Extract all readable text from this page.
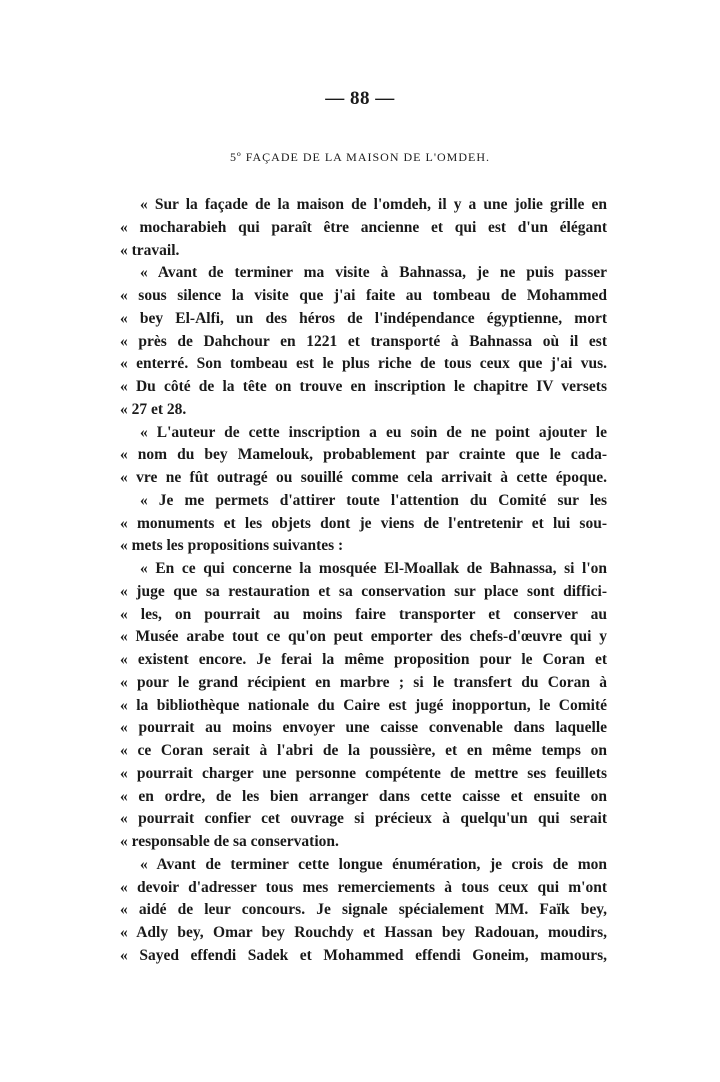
— 88 —
5º FAÇADE DE LA MAISON DE L'OMDEH.
« Sur la façade de la maison de l'omdeh, il y a une jolie grille en
« mocharabieh qui paraît être ancienne et qui est d'un élégant
« travail.
« Avant de terminer ma visite à Bahnassa, je ne puis passer
« sous silence la visite que j'ai faite au tombeau de Mohammed
« bey El-Alfi, un des héros de l'indépendance égyptienne, mort
« près de Dahchour en 1221 et transporté à Bahnassa où il est
« enterré. Son tombeau est le plus riche de tous ceux que j'ai vus.
« Du côté de la tête on trouve en inscription le chapitre IV versets
« 27 et 28.
« L'auteur de cette inscription a eu soin de ne point ajouter le
« nom du bey Mamelouk, probablement par crainte que le cada-
« vre ne fût outragé ou souillé comme cela arrivait à cette époque.
« Je me permets d'attirer toute l'attention du Comité sur les
« monuments et les objets dont je viens de l'entretenir et lui sou-
« mets les propositions suivantes :
« En ce qui concerne la mosquée El-Moallak de Bahnassa, si l'on
« juge que sa restauration et sa conservation sur place sont diffici-
« les, on pourrait au moins faire transporter et conserver au
« Musée arabe tout ce qu'on peut emporter des chefs-d'œuvre qui y
« existent encore. Je ferai la même proposition pour le Coran et
« pour le grand récipient en marbre ; si le transfert du Coran à
« la bibliothèque nationale du Caire est jugé inopportun, le Comité
« pourrait au moins envoyer une caisse convenable dans laquelle
« ce Coran serait à l'abri de la poussière, et en même temps on
« pourrait charger une personne compétente de mettre ses feuillets
« en ordre, de les bien arranger dans cette caisse et ensuite on
« pourrait confier cet ouvrage si précieux à quelqu'un qui serait
« responsable de sa conservation.
« Avant de terminer cette longue énumération, je crois de mon
« devoir d'adresser tous mes remerciements à tous ceux qui m'ont
« aidé de leur concours. Je signale spécialement MM. Faïk bey,
« Adly bey, Omar bey Rouchdy et Hassan bey Radouan, moudirs,
« Sayed effendi Sadek et Mohammed effendi Goneim, mamours,
